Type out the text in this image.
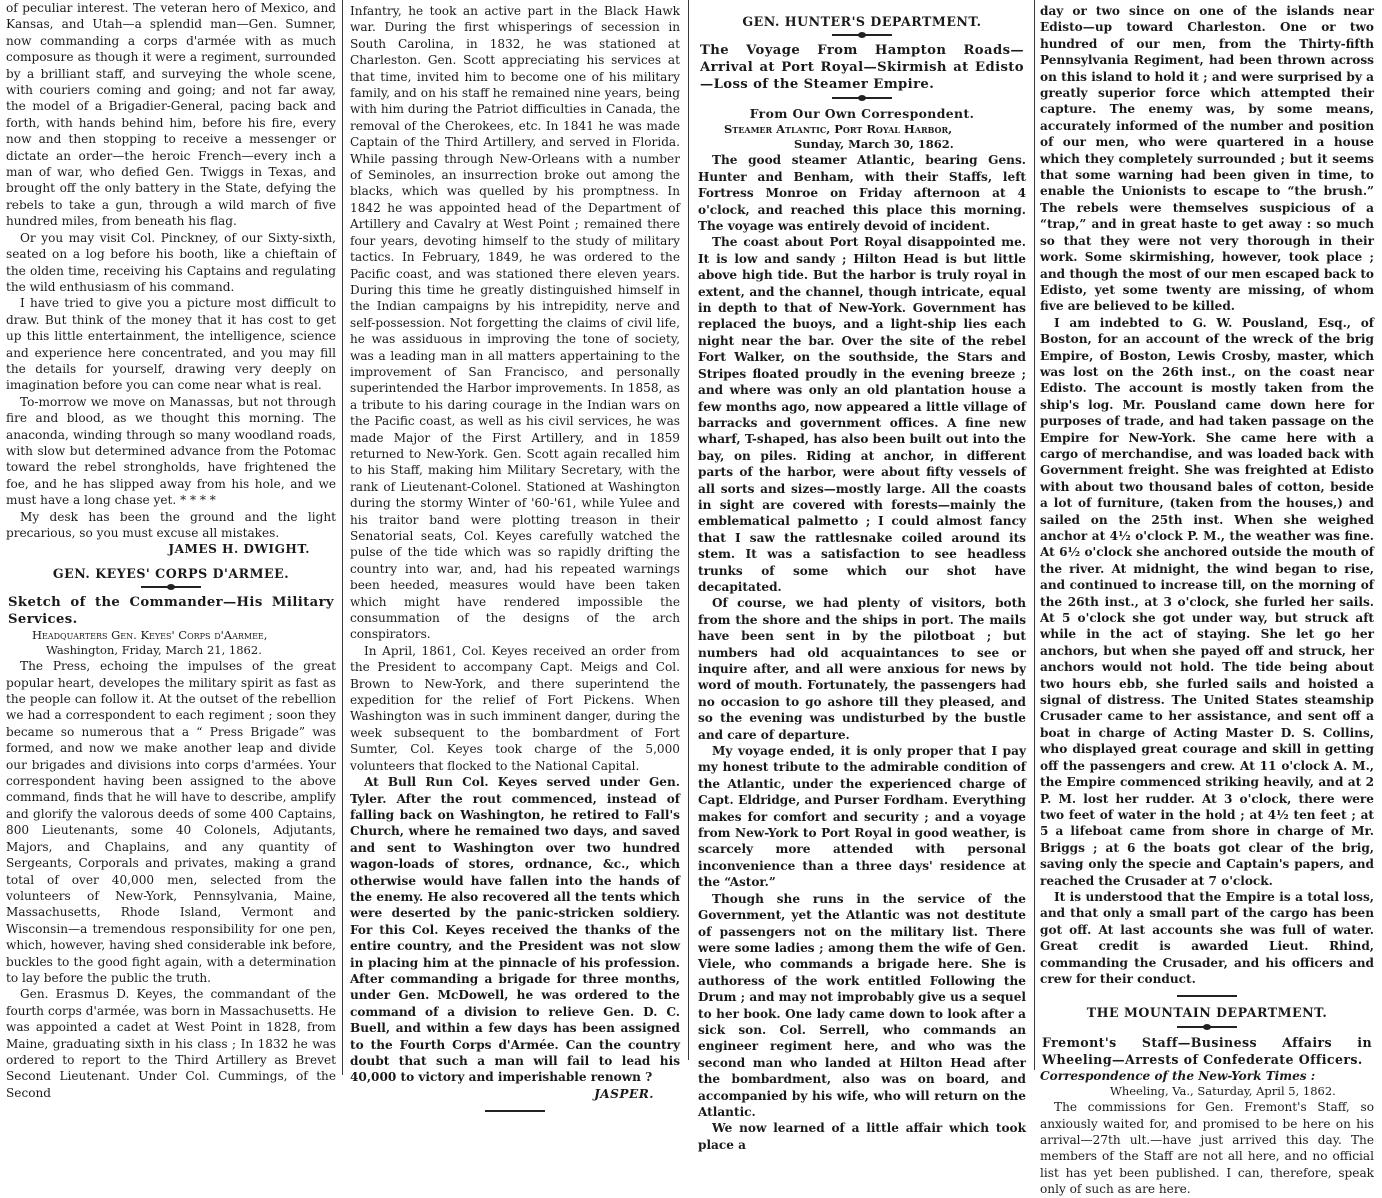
of peculiar interest. The veteran hero of Mexico, and Kansas, and Utah—a splendid man—Gen. Sumner, now commanding a corps d'armée with as much composure as though it were a regiment, surrounded by a brilliant staff, and surveying the whole scene, with couriers coming and going; and not far away, the model of a Brigadier-General, pacing back and forth, with hands behind him, before his fire, every now and then stopping to receive a messenger or dictate an order—the heroic French—every inch a man of war, who defied Gen. Twiggs in Texas, and brought off the only battery in the State, defying the rebels to take a gun, through a wild march of five hundred miles, from beneath his flag.

Or you may visit Col. Pinckney, of our Sixty-sixth, seated on a log before his booth, like a chieftain of the olden time, receiving his Captains and regulating the wild enthusiasm of his command.

I have tried to give you a picture most difficult to draw. But think of the money that it has cost to get up this little entertainment, the intelligence, science and experience here concentrated, and you may fill the details for yourself, drawing very deeply on imagination before you can come near what is real.

To-morrow we move on Manassas, but not through fire and blood, as we thought this morning. The anaconda, winding through so many woodland roads, with slow but determined advance from the Potomac toward the rebel strongholds, have frightened the foe, and he has slipped away from his hole, and we must have a long chase yet. * * * *

My desk has been the ground and the light precarious, so you must excuse all mistakes.

JAMES H. DWIGHT.
GEN. KEYES' CORPS D'ARMEE.
Sketch of the Commander—His Military Services.
Headquarters Gen. Keyes' Corps d'Aarmee,
Washington, Friday, March 21, 1862.

The Press, echoing the impulses of the great popular heart, developes the military spirit as fast as the people can follow it. At the outset of the rebellion we had a correspondent to each regiment ; soon they became so numerous that a “ Press Brigade” was formed, and now we make another leap and divide our brigades and divisions into corps d'armées. Your correspondent having been assigned to the above command, finds that he will have to describe, amplify and glorify the valorous deeds of some 400 Captains, 800 Lieutenants, some 40 Colonels, Adjutants, Majors, and Chaplains, and any quantity of Sergeants, Corporals and privates, making a grand total of over 40,000 men, selected from the volunteers of New-York, Pennsylvania, Maine, Massachusetts, Rhode Island, Vermont and Wisconsin—a tremendous responsibility for one pen, which, however, having shed considerable ink before, buckles to the good fight again, with a determination to lay before the public the truth.

Gen. Erasmus D. Keyes, the commandant of the fourth corps d'armée, was born in Massachusetts. He was appointed a cadet at West Point in 1828, from Maine, graduating sixth in his class ; In 1832 he was ordered to report to the Third Artillery as Brevet Second Lieutenant. Under Col. Cummings, of the Second

Infantry, he took an active part in the Black Hawk war. During the first whisperings of secession in South Carolina, in 1832, he was stationed at Charleston. Gen. Scott appreciating his services at that time, invited him to become one of his military family, and on his staff he remained nine years, being with him during the Patriot difficulties in Canada, the removal of the Cherokees, etc. In 1841 he was made Captain of the Third Artillery, and served in Florida. While passing through New-Orleans with a number of Seminoles, an insurrection broke out among the blacks, which was quelled by his promptness. In 1842 he was appointed head of the Department of Artillery and Cavalry at West Point ; remained there four years, devoting himself to the study of military tactics. In February, 1849, he was ordered to the Pacific coast, and was stationed there eleven years. During this time he greatly distinguished himself in the Indian campaigns by his intrepidity, nerve and self-possession. Not forgetting the claims of civil life, he was assiduous in improving the tone of society, was a leading man in all matters appertaining to the improvement of San Francisco, and personally superintended the Harbor improvements. In 1858, as a tribute to his daring courage in the Indian wars on the Pacific coast, as well as his civil services, he was made Major of the First Artillery, and in 1859 returned to New-York. Gen. Scott again recalled him to his Staff, making him Military Secretary, with the rank of Lieutenant-Colonel. Stationed at Washington during the stormy Winter of '60-'61, while Yulee and his traitor band were plotting treason in their Senatorial seats, Col. Keyes carefully watched the pulse of the tide which was so rapidly drifting the country into war, and, had his repeated warnings been heeded, measures would have been taken which might have rendered impossible the consummation of the designs of the arch conspirators.

In April, 1861, Col. Keyes received an order from the President to accompany Capt. Meigs and Col. Brown to New-York, and there superintend the expedition for the relief of Fort Pickens. When Washington was in such imminent danger, during the week subsequent to the bombardment of Fort Sumter, Col. Keyes took charge of the 5,000 volunteers that flocked to the National Capital.

At Bull Run Col. Keyes served under Gen. Tyler. After the rout commenced, instead of falling back on Washington, he retired to Fall's Church, where he remained two days, and saved and sent to Washington over two hundred wagon-loads of stores, ordnance, &c., which otherwise would have fallen into the hands of the enemy. He also recovered all the tents which were deserted by the panic-stricken soldiery. For this Col. Keyes received the thanks of the entire country, and the President was not slow in placing him at the pinnacle of his profession. After commanding a brigade for three months, under Gen. McDowell, he was ordered to the command of a division to relieve Gen. D. C. Buell, and within a few days has been assigned to the Fourth Corps d'Armée. Can the country doubt that such a man will fail to lead his 40,000 to victory and imperishable renown ?

JASPER.
GEN. HUNTER'S DEPARTMENT.
The Voyage From Hampton Roads—Arrival at Port Royal—Skirmish at Edisto—Loss of the Steamer Empire.
From Our Own Correspondent.
Steamer Atlantic, Port Royal Harbor,
Sunday, March 30, 1862.

The good steamer Atlantic, bearing Gens. Hunter and Benham, with their Staffs, left Fortress Monroe on Friday afternoon at 4 o'clock, and reached this place this morning. The voyage was entirely devoid of incident.

The coast about Port Royal disappointed me. It is low and sandy ; Hilton Head is but little above high tide. But the harbor is truly royal in extent, and the channel, though intricate, equal in depth to that of New-York. Government has replaced the buoys, and a light-ship lies each night near the bar. Over the site of the rebel Fort Walker, on the southside, the Stars and Stripes floated proudly in the evening breeze ; and where was only an old plantation house a few months ago, now appeared a little village of barracks and government offices. A fine new wharf, T-shaped, has also been built out into the bay, on piles. Riding at anchor, in different parts of the harbor, were about fifty vessels of all sorts and sizes—mostly large. All the coasts in sight are covered with forests—mainly the emblematical palmetto ; I could almost fancy that I saw the rattlesnake coiled around its stem. It was a satisfaction to see headless trunks of some which our shot have decapitated.

Of course, we had plenty of visitors, both from the shore and the ships in port. The mails have been sent in by the pilotboat ; but numbers had old acquaintances to see or inquire after, and all were anxious for news by word of mouth. Fortunately, the passengers had no occasion to go ashore till they pleased, and so the evening was undisturbed by the bustle and care of departure.

My voyage ended, it is only proper that I pay my honest tribute to the admirable condition of the Atlantic, under the experienced charge of Capt. Eldridge, and Purser Fordham. Everything makes for comfort and security ; and a voyage from New-York to Port Royal in good weather, is scarcely more attended with personal inconvenience than a three days' residence at the “Astor.”

Though she runs in the service of the Government, yet the Atlantic was not destitute of passengers not on the military list. There were some ladies ; among them the wife of Gen. Viele, who commands a brigade here. She is authoress of the work entitled Following the Drum ; and may not improbably give us a sequel to her book. One lady came down to look after a sick son. Col. Serrell, who commands an engineer regiment here, and who was the second man who landed at Hilton Head after the bombardment, also was on board, and accompanied by his wife, who will return on the Atlantic.

We now learned of a little affair which took place a

day or two since on one of the islands near Edisto—up toward Charleston. One or two hundred of our men, from the Thirty-fifth Pennsylvania Regiment, had been thrown across on this island to hold it ; and were surprised by a greatly superior force which attempted their capture. The enemy was, by some means, accurately informed of the number and position of our men, who were quartered in a house which they completely surrounded ; but it seems that some warning had been given in time, to enable the Unionists to escape to “the brush.” The rebels were themselves suspicious of a “trap,” and in great haste to get away : so much so that they were not very thorough in their work. Some skirmishing, however, took place ; and though the most of our men escaped back to Edisto, yet some twenty are missing, of whom five are believed to be killed.

I am indebted to G. W. Pousland, Esq., of Boston, for an account of the wreck of the brig Empire, of Boston, Lewis Crosby, master, which was lost on the 26th inst., on the coast near Edisto. The account is mostly taken from the ship's log. Mr. Pousland came down here for purposes of trade, and had taken passage on the Empire for New-York. She came here with a cargo of merchandise, and was loaded back with Government freight. She was freighted at Edisto with about two thousand bales of cotton, beside a lot of furniture, (taken from the houses,) and sailed on the 25th inst. When she weighed anchor at 4½ o'clock P. M., the weather was fine. At 6½ o'clock she anchored outside the mouth of the river. At midnight, the wind began to rise, and continued to increase till, on the morning of the 26th inst., at 3 o'clock, she furled her sails. At 5 o'clock she got under way, but struck aft while in the act of staying. She let go her anchors, but when she payed off and struck, her anchors would not hold. The tide being about two hours ebb, she furled sails and hoisted a signal of distress. The United States steamship Crusader came to her assistance, and sent off a boat in charge of Acting Master D. S. Collins, who displayed great courage and skill in getting off the passengers and crew. At 11 o'clock A. M., the Empire commenced striking heavily, and at 2 P. M. lost her rudder. At 3 o'clock, there were two feet of water in the hold ; at 4½ ten feet ; at 5 a lifeboat came from shore in charge of Mr. Briggs ; at 6 the boats got clear of the brig, saving only the specie and Captain's papers, and reached the Crusader at 7 o'clock.

It is understood that the Empire is a total loss, and that only a small part of the cargo has been got off. At last accounts she was full of water. Great credit is awarded Lieut. Rhind, commanding the Crusader, and his officers and crew for their conduct.

THE MOUNTAIN DEPARTMENT.
Fremont's Staff—Business Affairs in Wheeling—Arrests of Confederate Officers.
Correspondence of the New-York Times :
Wheeling, Va., Saturday, April 5, 1862.

The commissions for Gen. Fremont's Staff, so anxiously waited for, and promised to be here on his arrival—27th ult.—have just arrived this day. The members of the Staff are not all here, and no official list has yet been published. I can, therefore, speak only of such as are here.
